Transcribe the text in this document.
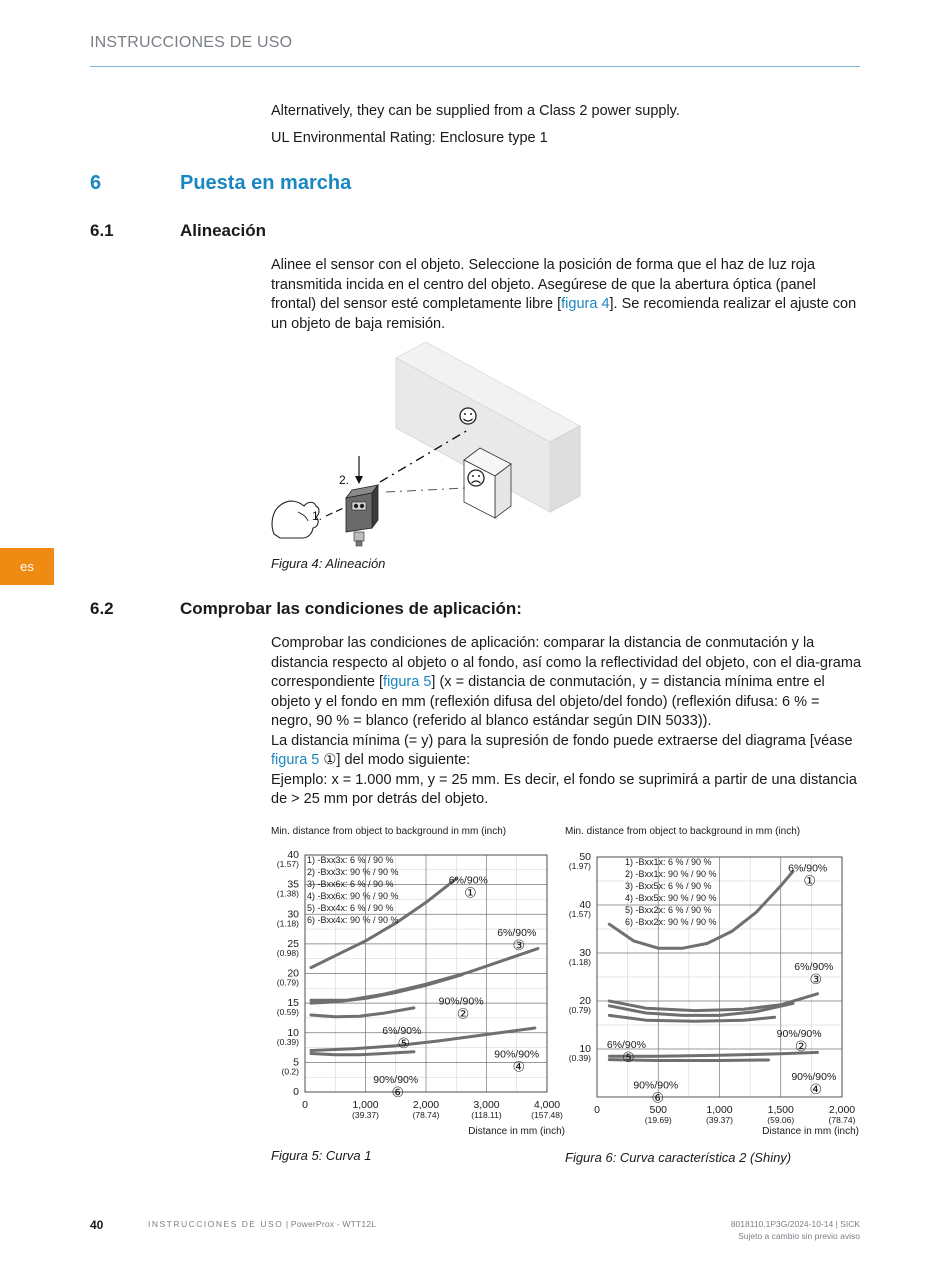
INSTRUCCIONES DE USO
Alternatively, they can be supplied from a Class 2 power supply.
UL Environmental Rating: Enclosure type 1
6	Puesta en marcha
6.1	Alineación
Alinee el sensor con el objeto. Seleccione la posición de forma que el haz de luz roja transmitida incida en el centro del objeto. Asegúrese de que la abertura óptica (panel frontal) del sensor esté completamente libre [figura 4]. Se recomienda realizar el ajuste con un objeto de baja remisión.
2.
1.
Figura 4: Alineación
es
6.2	Comprobar las condiciones de aplicación:
Comprobar las condiciones de aplicación: comparar la distancia de conmutación y la distancia respecto al objeto o al fondo, así como la reflectividad del objeto, con el dia-grama correspondiente [figura 5] (x = distancia de conmutación, y = distancia mínima entre el objeto y el fondo en mm (reflexión difusa del objeto/del fondo) (reflexión difusa: 6 % = negro, 90 % = blanco (referido al blanco estándar según DIN 5033)).
La distancia mínima (= y) para la supresión de fondo puede extraerse del diagrama [véase figura 5 ①] del modo siguiente:
Ejemplo: x = 1.000 mm, y = 25 mm. Es decir, el fondo se suprimirá a partir de una distancia de > 25 mm por detrás del objeto.
Min. distance from object to background in mm (inch)
0	1,000
(39.37)
2,000
(78.74)
3,000
(118.11)
4,000
(157.48)
0
5
(0.2)
10
(0.39)
15
(0.59)
20
(0.79)
25
(0.98)
30
(1.18)
35
(1.38)
40
(1.57)
Distance in mm (inch)
6%/90%
①
90%/90%
②
6%/90%
③
90%/90%
④
6%/90%
⑤
90%/90%
⑥
1) -Bxx3x: 6 % / 90 %
2) -Bxx3x: 90 % / 90 %
3) -Bxx6x: 6 % / 90 %
4) -Bxx6x: 90 % / 90 %
5) -Bxx4x: 6 % / 90 %
6) -Bxx4x: 90 % / 90 %
Figura 5: Curva 1
Min. distance from object to background in mm (inch)
0	500
(19.69)
1,000
(39.37)
1,500
(59.06)
2,000
(78.74)
10
(0.39)
20
(0.79)
30
(1.18)
40
(1.57)
50
(1.97)
Distance in mm (inch)
6%/90%
①
90%/90%
②
6%/90%
③
90%/90%
④
6%/90%
⑤
90%/90%
⑥
1) -Bxx1x: 6 % / 90 %
2) -Bxx1x: 90 % / 90 %
3) -Bxx5x: 6 % / 90 %
4) -Bxx5x: 90 % / 90 %
5) -Bxx2x: 6 % / 90 %
6) -Bxx2x: 90 % / 90 %
Figura 6: Curva característica 2 (Shiny)
40	INSTRUCCIONES DE USO | PowerProx - WTT12L	8018110.1P3G/2024-10-14 | SICK
Sujeto a cambio sin previo aviso
